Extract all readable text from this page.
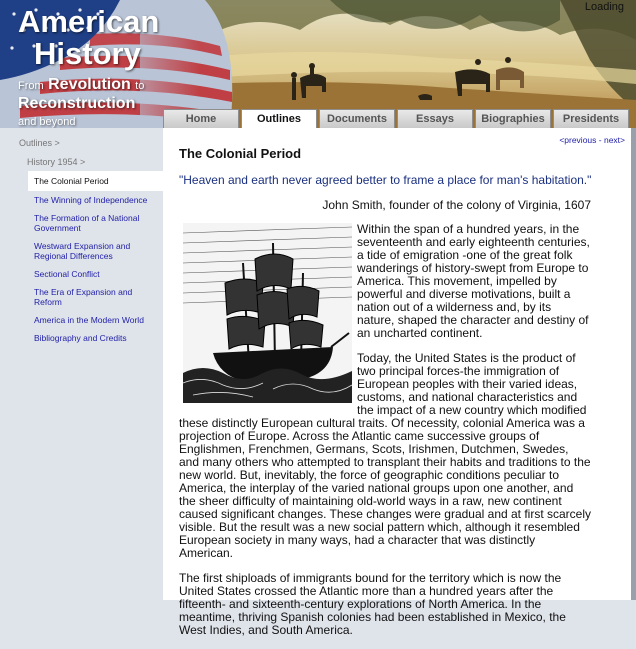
American
History
From Revolution to
Reconstruction
and beyond
Loading
Home	Outlines	Documents	Essays	Biographies	Presidents
Outlines >
History 1954 >
The Colonial Period
The Winning of Independence
The Formation of a National Government
Westward Expansion and Regional Differences
Sectional Conflict
The Era of Expansion and Reform
America in the Modern World
Bibliography and Credits
<previous - next>
The Colonial Period
"Heaven and earth never agreed better to frame a place for man's habitation."
John Smith, founder of the colony of Virginia, 1607

Within the span of a hundred years, in the seventeenth and early eighteenth centuries, a tide of emigration -one of the great folk wanderings of history-swept from Europe to America. This movement, impelled by powerful and diverse motivations, built a nation out of a wilderness and, by its nature, shaped the character and destiny of an uncharted continent.

Today, the United States is the product of two principal forces-the immigration of European peoples with their varied ideas, customs, and national characteristics and the impact of a new country which modified these distinctly European cultural traits. Of necessity, colonial America was a projection of Europe. Across the Atlantic came successive groups of Englishmen, Frenchmen, Germans, Scots, Irishmen, Dutchmen, Swedes, and many others who attempted to transplant their habits and traditions to the new world. But, inevitably, the force of geographic conditions peculiar to America, the interplay of the varied national groups upon one another, and the sheer difficulty of maintaining old-world ways in a raw, new continent caused significant changes. These changes were gradual and at first scarcely visible. But the result was a new social pattern which, although it resembled European society in many ways, had a character that was distinctly American.

The first shiploads of immigrants bound for the territory which is now the United States crossed the Atlantic more than a hundred years after the fifteenth- and sixteenth-century explorations of North America. In the meantime, thriving Spanish colonies had been established in Mexico, the West Indies, and South America.
